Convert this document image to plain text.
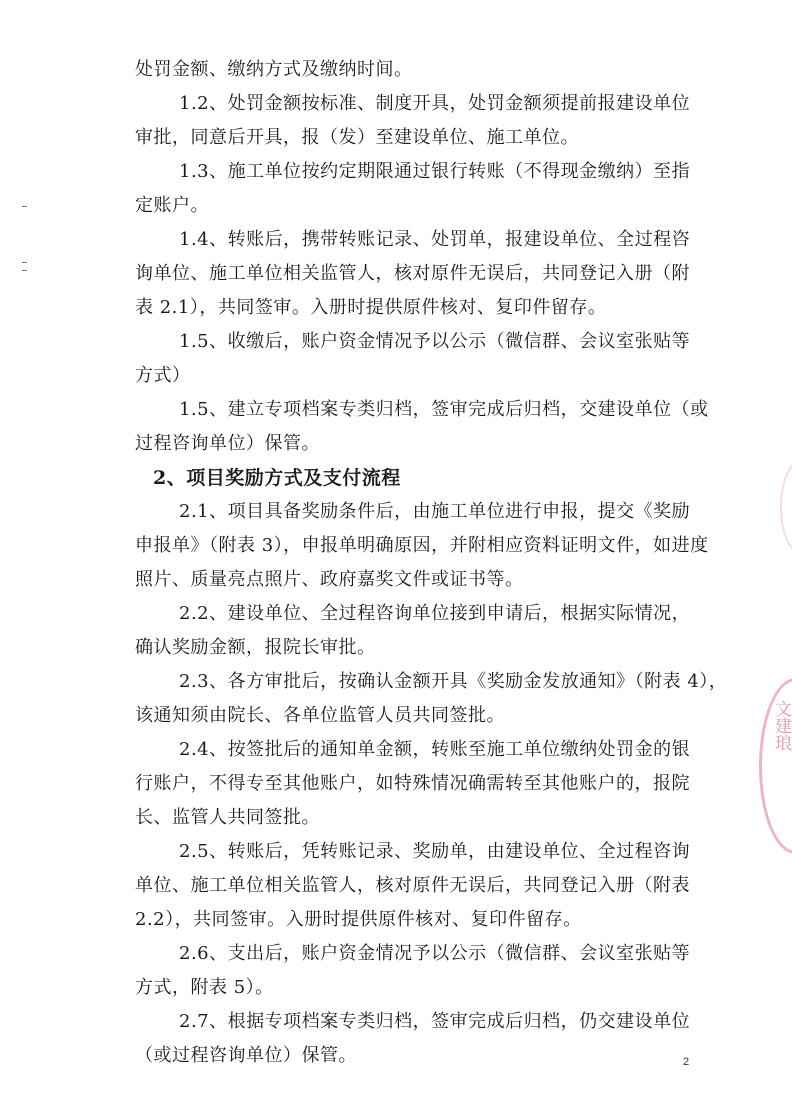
处罚金额、缴纳方式及缴纳时间。
1.2、处罚金额按标准、制度开具，处罚金额须提前报建设单位
审批，同意后开具，报（发）至建设单位、施工单位。
1.3、施工单位按约定期限通过银行转账（不得现金缴纳）至指
定账户。
1.4、转账后，携带转账记录、处罚单，报建设单位、全过程咨
询单位、施工单位相关监管人，核对原件无误后，共同登记入册（附
表 2.1），共同签审。入册时提供原件核对、复印件留存。
1.5、收缴后，账户资金情况予以公示（微信群、会议室张贴等
方式）
1.5、建立专项档案专类归档，签审完成后归档，交建设单位（或
过程咨询单位）保管。
2、项目奖励方式及支付流程
2.1、项目具备奖励条件后，由施工单位进行申报，提交《奖励
申报单》（附表 3），申报单明确原因，并附相应资料证明文件，如进度
照片、质量亮点照片、政府嘉奖文件或证书等。
2.2、建设单位、全过程咨询单位接到申请后，根据实际情况，
确认奖励金额，报院长审批。
2.3、各方审批后，按确认金额开具《奖励金发放通知》（附表 4），
该通知须由院长、各单位监管人员共同签批。
2.4、按签批后的通知单金额，转账至施工单位缴纳处罚金的银
行账户，不得专至其他账户，如特殊情况确需转至其他账户的，报院
长、监管人共同签批。
2.5、转账后，凭转账记录、奖励单，由建设单位、全过程咨询
单位、施工单位相关监管人，核对原件无误后，共同登记入册（附表
2.2），共同签审。入册时提供原件核对、复印件留存。
2.6、支出后，账户资金情况予以公示（微信群、会议室张贴等
方式，附表 5）。
2.7、根据专项档案专类归档，签审完成后归档，仍交建设单位
（或过程咨询单位）保管。
文建琅
2
